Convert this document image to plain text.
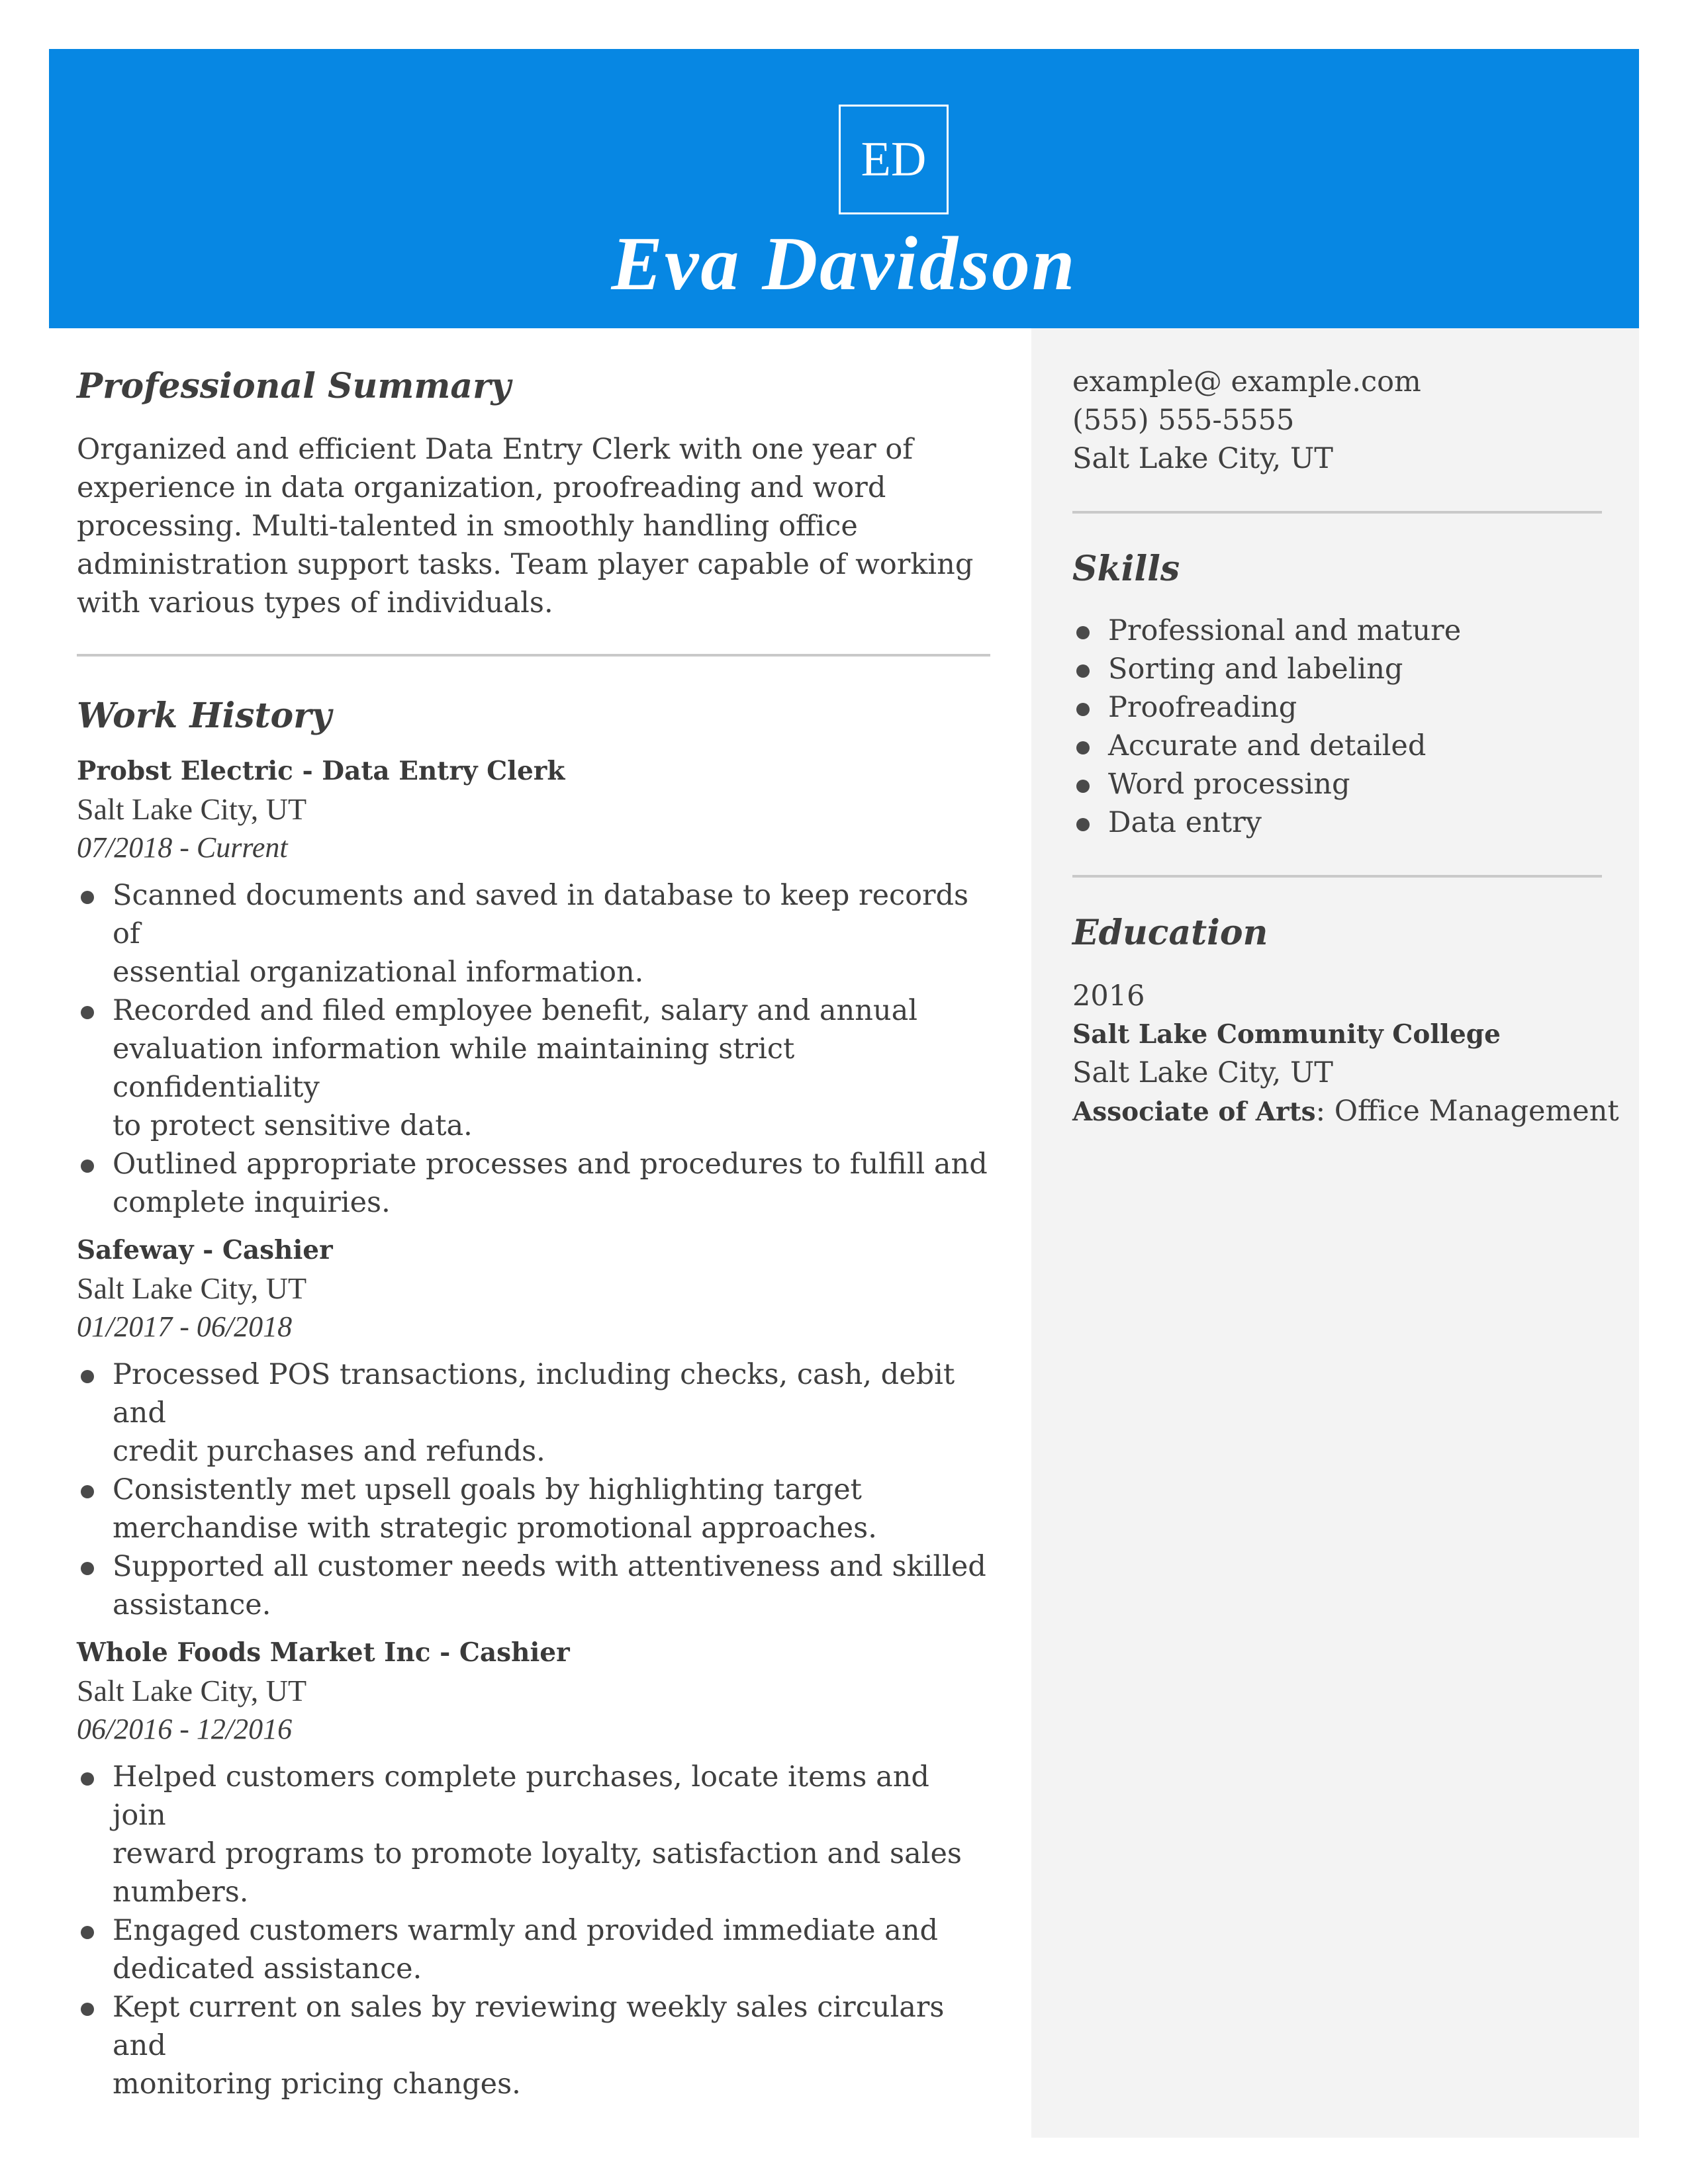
ED
Eva Davidson
Professional Summary
Organized and efficient Data Entry Clerk with one year of
experience in data organization, proofreading and word
processing. Multi-talented in smoothly handling office
administration support tasks. Team player capable of working
with various types of individuals.
Work History
Probst Electric - Data Entry Clerk
Salt Lake City, UT
07/2018 - Current
Scanned documents and saved in database to keep records of
essential organizational information.
Recorded and filed employee benefit, salary and annual
evaluation information while maintaining strict confidentiality
to protect sensitive data.
Outlined appropriate processes and procedures to fulfill and
complete inquiries.
Safeway - Cashier
Salt Lake City, UT
01/2017 - 06/2018
Processed POS transactions, including checks, cash, debit and
credit purchases and refunds.
Consistently met upsell goals by highlighting target
merchandise with strategic promotional approaches.
Supported all customer needs with attentiveness and skilled
assistance.
Whole Foods Market Inc - Cashier
Salt Lake City, UT
06/2016 - 12/2016
Helped customers complete purchases, locate items and join
reward programs to promote loyalty, satisfaction and sales
numbers.
Engaged customers warmly and provided immediate and
dedicated assistance.
Kept current on sales by reviewing weekly sales circulars and
monitoring pricing changes.
example@ example.com
(555) 555-5555
Salt Lake City, UT
Skills
Professional and mature
Sorting and labeling
Proofreading
Accurate and detailed
Word processing
Data entry
Education
2016
Salt Lake Community College
Salt Lake City, UT
Associate of Arts: Office Management
